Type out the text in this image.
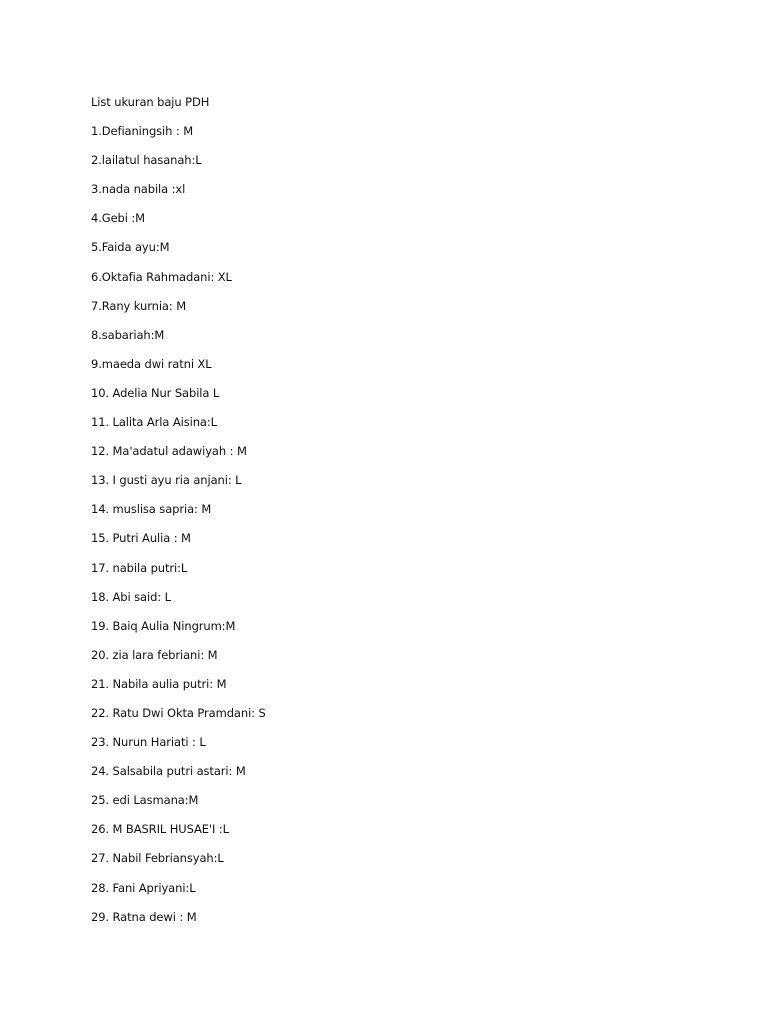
List ukuran baju PDH
1.Defianingsih : M
2.lailatul hasanah:L
3.nada nabila :xl
4.Gebi :M
5.Faida ayu:M
6.Oktafia Rahmadani: XL
7.Rany kurnia: M
8.sabariah:M
9.maeda dwi ratni XL
10. Adelia Nur Sabila L
11. Lalita Arla Aisina:L
12. Ma'adatul adawiyah : M
13. I gusti ayu ria anjani: L
14. muslisa sapria: M
15. Putri Aulia : M
17. nabila putri:L
18. Abi said: L
19. Baiq Aulia Ningrum:M
20. zia lara febriani: M
21. Nabila aulia putri: M
22. Ratu Dwi Okta Pramdani: S
23. Nurun Hariati : L
24. Salsabila putri astari: M
25. edi Lasmana:M
26. M BASRIL HUSAE'I :L
27. Nabil Febriansyah:L
28. Fani Apriyani:L
29. Ratna dewi : M
